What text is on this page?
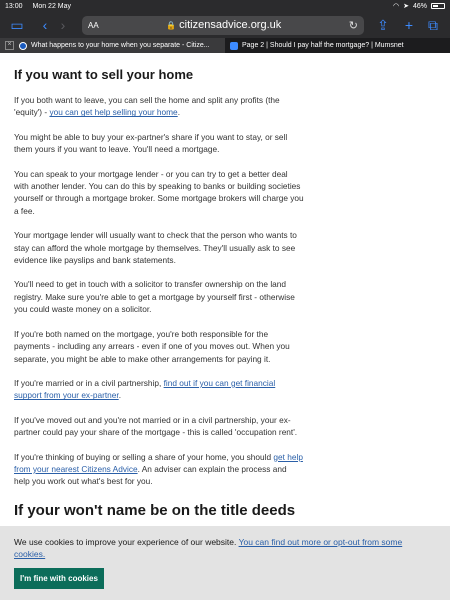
13:00 Mon 22 May	◠ ➤ 46%
▭	‹ ›	AA	🔒 citizensadvice.org.uk	↻ ⇪	+	⧉
×	What happens to your home when you separate - Citize...	Page 2 | Should I pay half the mortgage? | Mumsnet
If you want to sell your home

If you both want to leave, you can sell the home and split any profits (the 'equity') - you can get help selling your home.

You might be able to buy your ex-partner's share if you want to stay, or sell them yours if you want to leave. You'll need a mortgage.

You can speak to your mortgage lender - or you can try to get a better deal with another lender. You can do this by speaking to banks or building societies yourself or through a mortgage broker. Some mortgage brokers will charge you a fee.

Your mortgage lender will usually want to check that the person who wants to stay can afford the whole mortgage by themselves. They'll usually ask to see evidence like payslips and bank statements.

You'll need to get in touch with a solicitor to transfer ownership on the land registry. Make sure you're able to get a mortgage by yourself first - otherwise you could waste money on a solicitor.

If you're both named on the mortgage, you're both responsible for the payments - including any arrears - even if one of you moves out. When you separate, you might be able to make other arrangements for paying it.

If you're married or in a civil partnership, find out if you can get financial support from your ex-partner.

If you've moved out and you're not married or in a civil partnership, your ex-partner could pay your share of the mortgage - this is called 'occupation rent'.

If you're thinking of buying or selling a share of your home, you should get help from your nearest Citizens Advice. An adviser can explain the process and help you work out what's best for you.

If your won't name be on the title deeds

We use cookies to improve your experience of our website. You can find out more or opt-out from some cookies.

I'm fine with cookies
